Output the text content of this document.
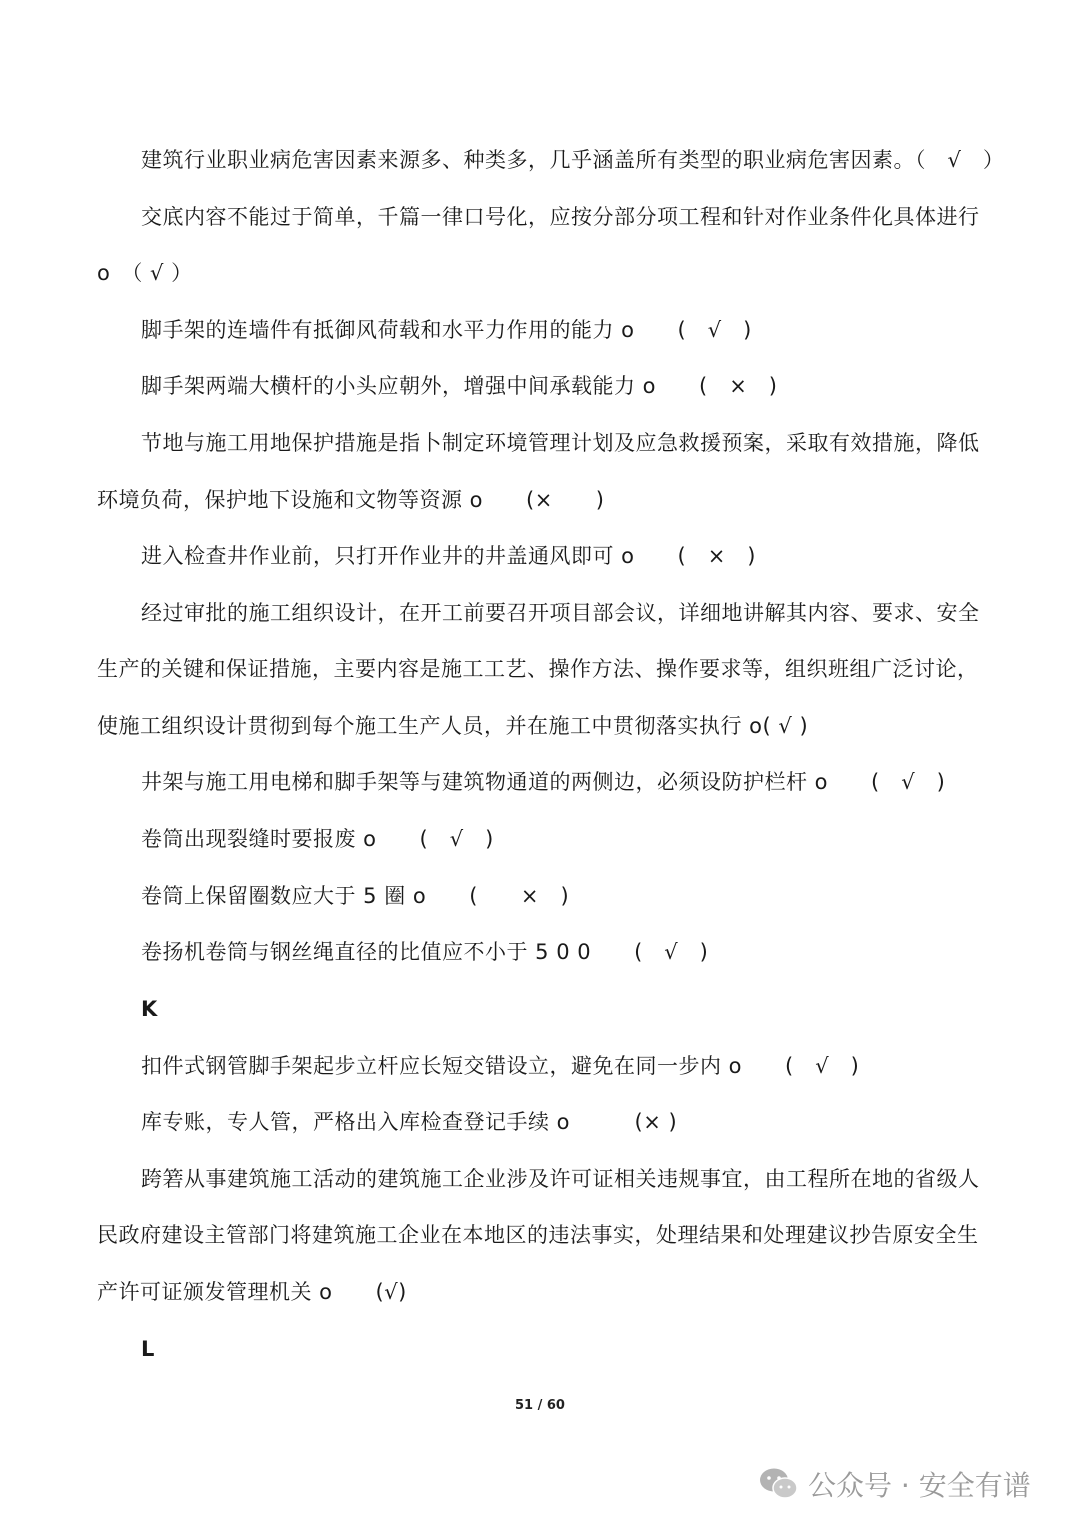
建筑行业职业病危害因素来源多、种类多，几乎涵盖所有类型的职业病危害因素。（　√　）
交底内容不能过于简单，千篇一律口号化，应按分部分项工程和针对作业条件化具体进行
o　（ √ ）
脚手架的连墙件有抵御风荷载和水平力作用的能力 o　　(　√　)
脚手架两端大横杆的小头应朝外，增强中间承载能力 o　　(　×　)
节地与施工用地保护措施是指卜制定环境管理计划及应急救援预案，采取有效措施，降低
环境负荷，保护地下设施和文物等资源 o　　(×　　)
进入检查井作业前，只打开作业井的井盖通风即可 o　　(　×　)
经过审批的施工组织设计，在开工前要召开项目部会议，详细地讲解其内容、要求、安全
生产的关键和保证措施，主要内容是施工工艺、操作方法、操作要求等，组织班组广泛讨论，
使施工组织设计贯彻到每个施工生产人员，并在施工中贯彻落实执行 o( √ )
井架与施工用电梯和脚手架等与建筑物通道的两侧边，必须设防护栏杆 o　　(　√　)
卷筒出现裂缝时要报废 o　　(　√　)
卷筒上保留圈数应大于 5 圈 o　　(　　×　)
卷扬机卷筒与钢丝绳直径的比值应不小于 5 0 0　　(　√　)
K
扣件式钢管脚手架起步立杆应长短交错设立，避免在同一步内 o　　(　√　)
库专账，专人管，严格出入库检查登记手续 o　　　(× )
跨箬从事建筑施工活动的建筑施工企业涉及许可证相关违规事宜，由工程所在地的省级人
民政府建设主管部门将建筑施工企业在本地区的违法事实，处理结果和处理建议抄告原安全生
产许可证颁发管理机关 o　　(√)
L
51 / 60
公众号 · 安全有谱
